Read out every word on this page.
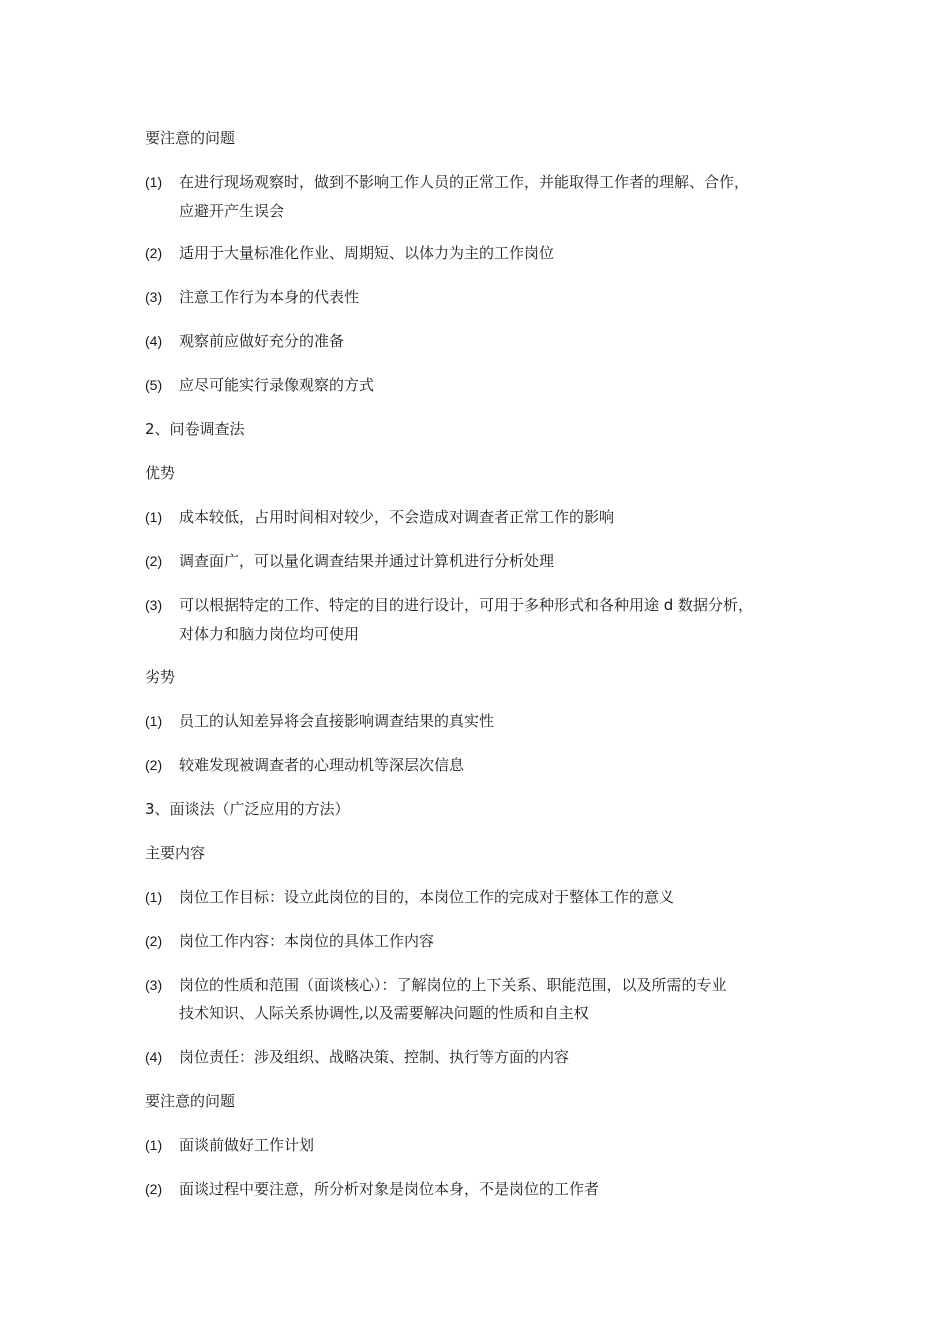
要注意的问题
(1) 在进行现场观察时，做到不影响工作人员的正常工作，并能取得工作者的理解、合作，
应避开产生误会
(2) 适用于大量标准化作业、周期短、以体力为主的工作岗位
(3) 注意工作行为本身的代表性
(4) 观察前应做好充分的准备
(5) 应尽可能实行录像观察的方式
2、问卷调查法
优势
(1) 成本较低，占用时间相对较少，不会造成对调查者正常工作的影响
(2) 调查面广，可以量化调查结果并通过计算机进行分析处理
(3) 可以根据特定的工作、特定的目的进行设计，可用于多种形式和各种用途 d 数据分析，
对体力和脑力岗位均可使用
劣势
(1) 员工的认知差异将会直接影响调查结果的真实性
(2) 较难发现被调查者的心理动机等深层次信息
3、面谈法（广泛应用的方法）
主要内容
(1) 岗位工作目标：设立此岗位的目的，本岗位工作的完成对于整体工作的意义
(2) 岗位工作内容：本岗位的具体工作内容
(3) 岗位的性质和范围（面谈核心）：了解岗位的上下关系、职能范围，以及所需的专业
技术知识、人际关系协调性,以及需要解决问题的性质和自主权
(4) 岗位责任：涉及组织、战略决策、控制、执行等方面的内容
要注意的问题
(1) 面谈前做好工作计划
(2) 面谈过程中要注意，所分析对象是岗位本身，不是岗位的工作者
